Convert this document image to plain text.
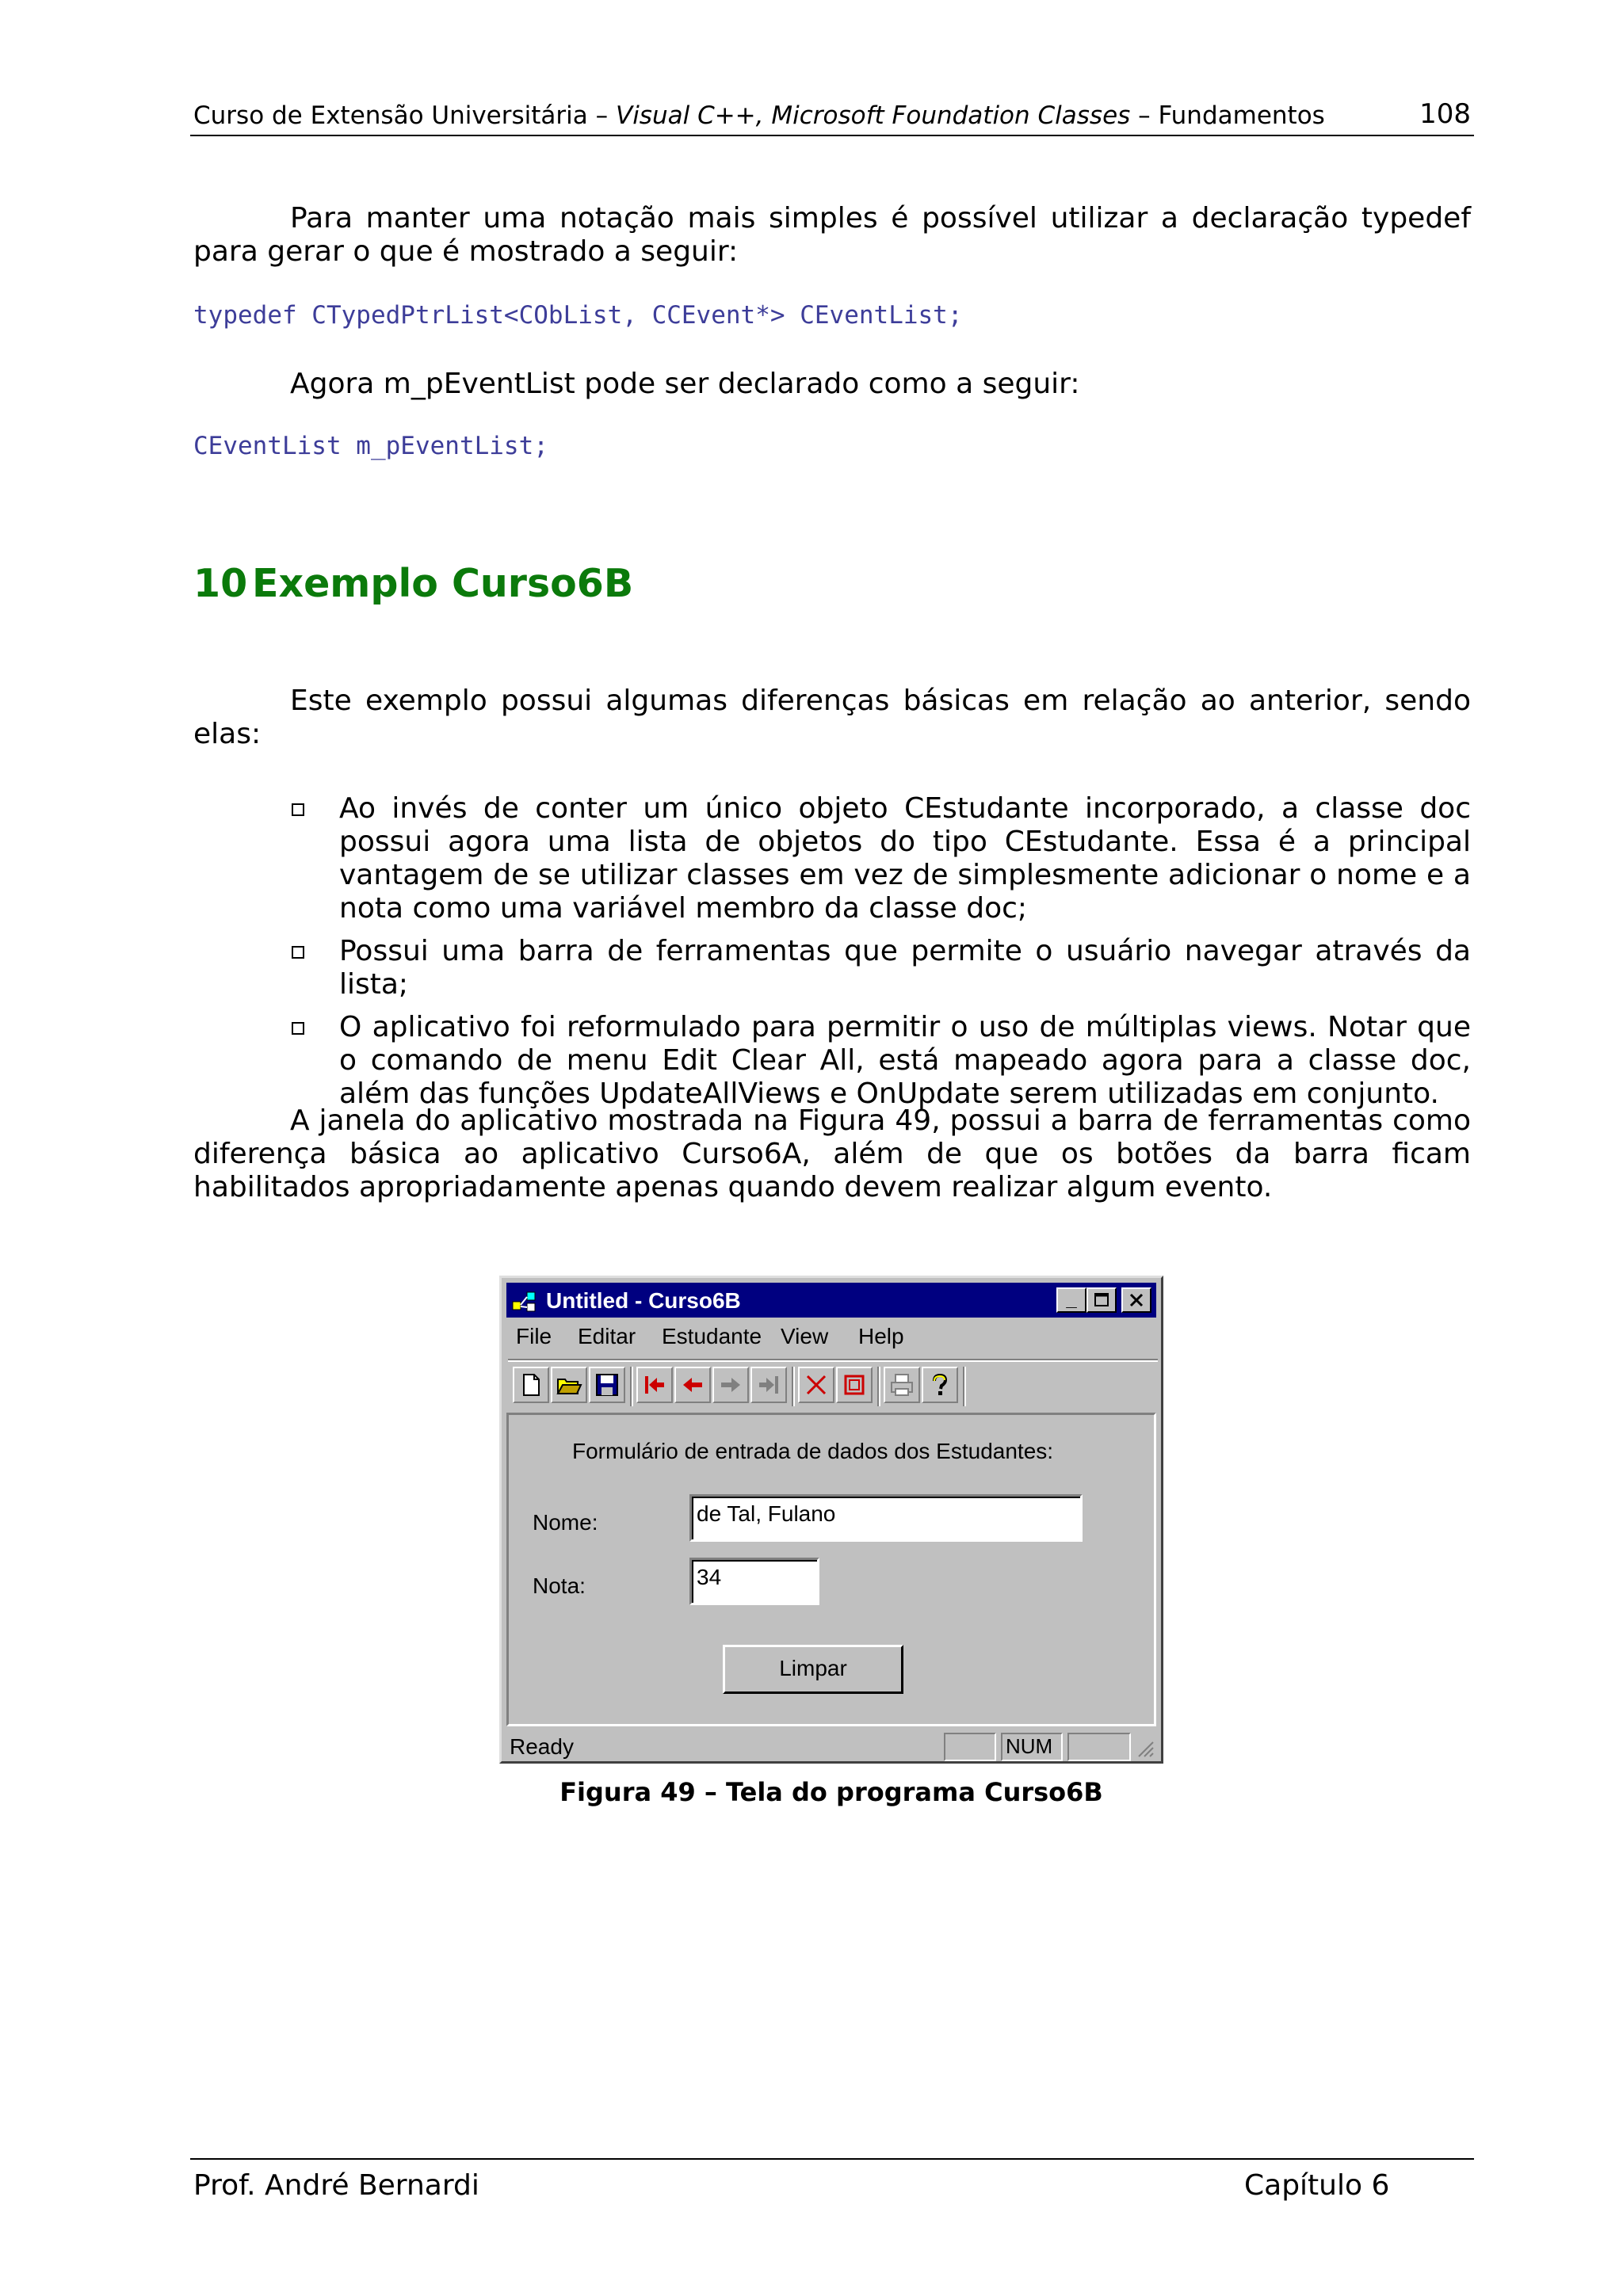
Curso de Extensão Universitária – Visual C++, Microsoft Foundation Classes – Fundamentos	108

Para manter uma notação mais simples é possível utilizar a declaração typedef para gerar o que é mostrado a seguir:

typedef CTypedPtrList<CObList, CCEvent*> CEventList;

Agora m_pEventList pode ser declarado como a seguir:

CEventList m_pEventList;
10 Exemplo Curso6B

Este exemplo possui algumas diferenças básicas em relação ao anterior, sendo elas:

Ao invés de conter um único objeto CEstudante incorporado, a classe doc possui agora uma lista de objetos do tipo CEstudante. Essa é a principal vantagem de se utilizar classes em vez de simplesmente adicionar o nome e a nota como uma variável membro da classe doc;
Possui uma barra de ferramentas que permite o usuário navegar através da lista;
O aplicativo foi reformulado para permitir o uso de múltiplas views. Notar que o comando de menu Edit Clear All, está mapeado agora para a classe doc, além das funções UpdateAllViews e OnUpdate serem utilizadas em conjunto.

A janela do aplicativo mostrada na Figura 49, possui a barra de ferramentas como diferença básica ao aplicativo Curso6A, além de que os botões da barra ficam habilitados apropriadamente apenas quando devem realizar algum evento.

Untitled - Curso6B	_
File Editar Estudante View Help
Formulário de entrada de dados dos Estudantes:
Nome:	de Tal, Fulano
Nota:	34
Limpar
Ready	NUM
Figura 49 – Tela do programa Curso6B
Prof. André Bernardi	Capítulo 6
